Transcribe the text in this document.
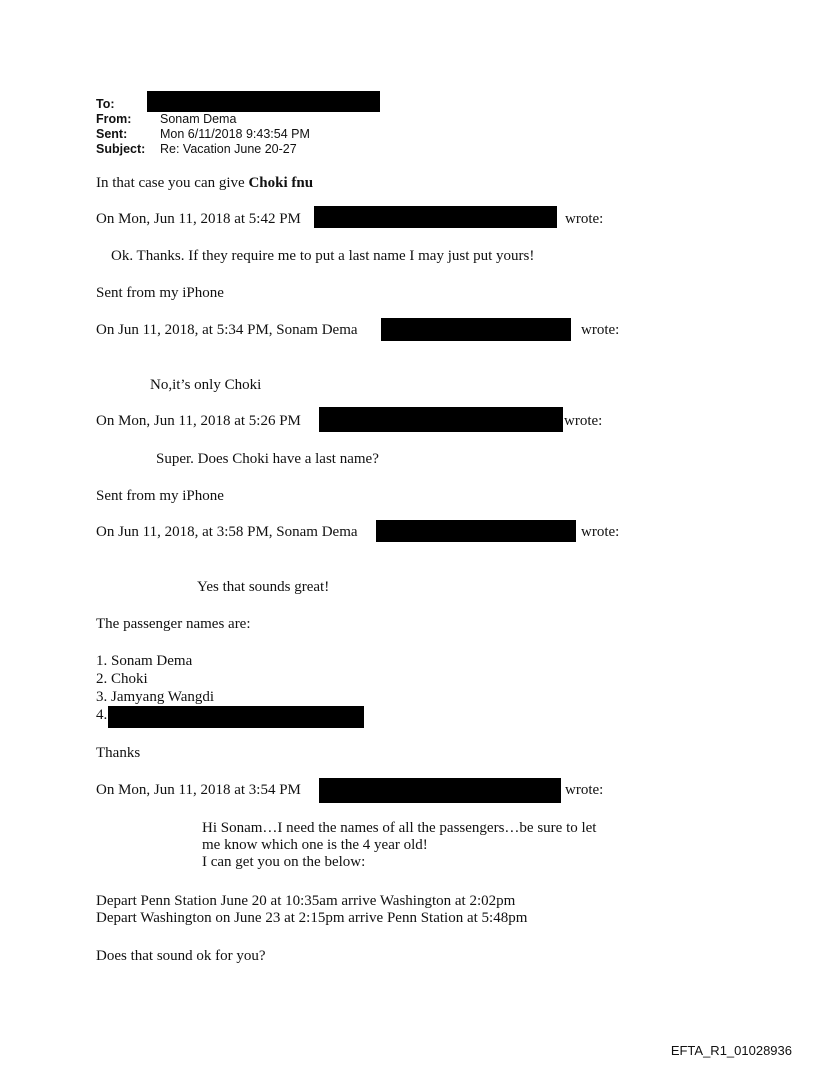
To:
From: Sonam Dema
Sent:	Mon 6/11/2018 9:43:54 PM
Subject: Re: Vacation June 20-27
In that case you can give Choki fnu
On Mon, Jun 11, 2018 at 5:42 PM	wrote:
Ok. Thanks. If they require me to put a last name I may just put yours!
Sent from my iPhone
On Jun 11, 2018, at 5:34 PM, Sonam Dema	wrote:
No,it’s only Choki
On Mon, Jun 11, 2018 at 5:26 PM	wrote:
Super. Does Choki have a last name?
Sent from my iPhone
On Jun 11, 2018, at 3:58 PM, Sonam Dema	wrote:
Yes that sounds great!
The passenger names are:
1. Sonam Dema
2. Choki
3. Jamyang Wangdi
4.
Thanks
On Mon, Jun 11, 2018 at 3:54 PM	wrote:
Hi Sonam…I need the names of all the passengers…be sure to let
me know which one is the 4 year old!
I can get you on the below:
Depart Penn Station June 20 at 10:35am arrive Washington at 2:02pm
Depart Washington on June 23 at 2:15pm arrive Penn Station at 5:48pm
Does that sound ok for you?
EFTA_R1_01028936
